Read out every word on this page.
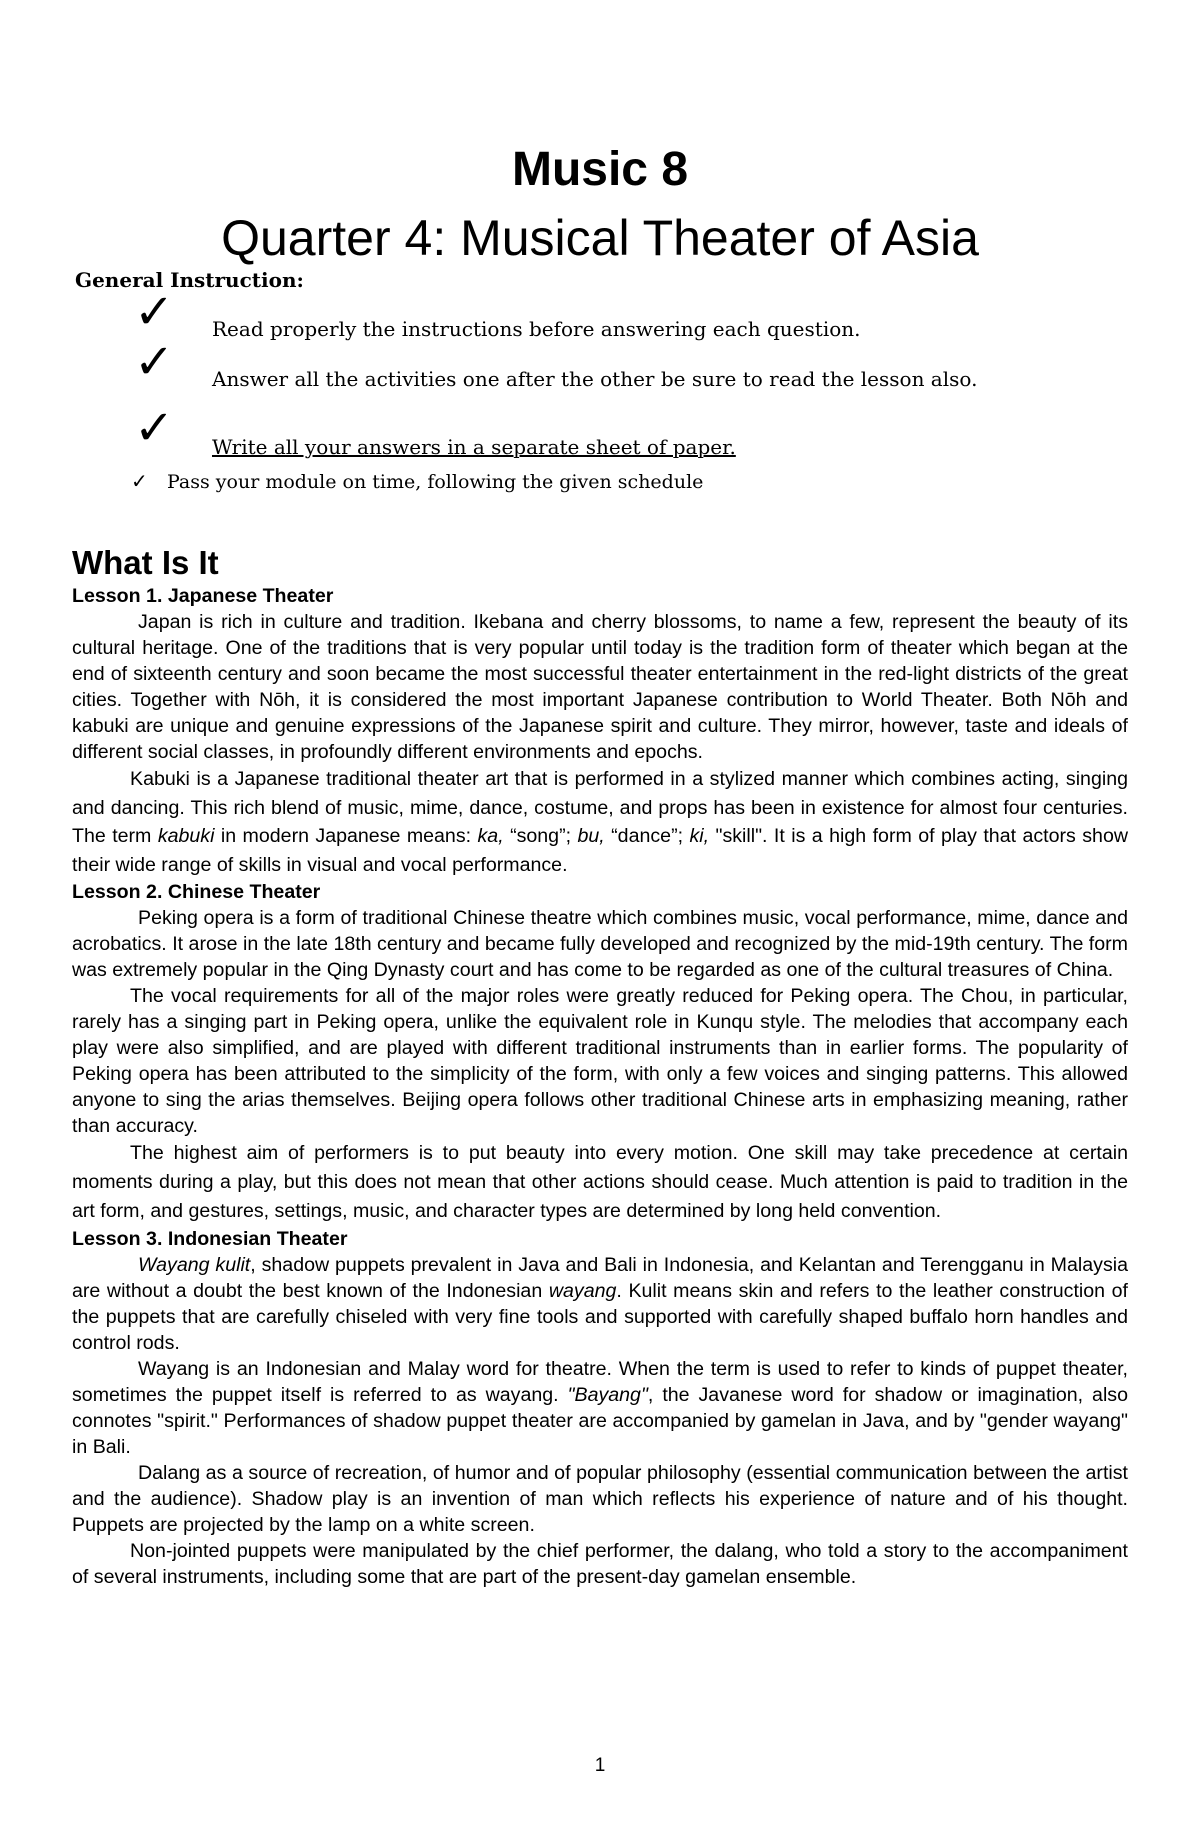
Music 8
Quarter 4: Musical Theater of Asia
General Instruction:
✓ Read properly the instructions before answering each question.
✓ Answer all the activities one after the other be sure to read the lesson also.
✓ Write all your answers in a separate sheet of paper.
✓ Pass your module on time, following the given schedule
What Is It

Lesson 1. Japanese Theater

Japan is rich in culture and tradition. Ikebana and cherry blossoms, to name a few, represent the beauty of its cultural heritage. One of the traditions that is very popular until today is the tradition form of theater which began at the end of sixteenth century and soon became the most successful theater entertainment in the red-light districts of the great cities. Together with Nōh, it is considered the most important Japanese contribution to World Theater. Both Nōh and kabuki are unique and genuine expressions of the Japanese spirit and culture. They mirror, however, taste and ideals of different social classes, in profoundly different environments and epochs.

Kabuki is a Japanese traditional theater art that is performed in a stylized manner which combines acting, singing and dancing. This rich blend of music, mime, dance, costume, and props has been in existence for almost four centuries. The term kabuki in modern Japanese means: ka, “song”; bu, “dance”; ki, "skill". It is a high form of play that actors show their wide range of skills in visual and vocal performance.

Lesson 2. Chinese Theater

Peking opera is a form of traditional Chinese theatre which combines music, vocal performance, mime, dance and acrobatics. It arose in the late 18th century and became fully developed and recognized by the mid-19th century. The form was extremely popular in the Qing Dynasty court and has come to be regarded as one of the cultural treasures of China.

The vocal requirements for all of the major roles were greatly reduced for Peking opera. The Chou, in particular, rarely has a singing part in Peking opera, unlike the equivalent role in Kunqu style. The melodies that accompany each play were also simplified, and are played with different traditional instruments than in earlier forms. The popularity of Peking opera has been attributed to the simplicity of the form, with only a few voices and singing patterns. This allowed anyone to sing the arias themselves. Beijing opera follows other traditional Chinese arts in emphasizing meaning, rather than accuracy.

The highest aim of performers is to put beauty into every motion. One skill may take precedence at certain moments during a play, but this does not mean that other actions should cease. Much attention is paid to tradition in the art form, and gestures, settings, music, and character types are determined by long held convention.

Lesson 3. Indonesian Theater

Wayang kulit, shadow puppets prevalent in Java and Bali in Indonesia, and Kelantan and Terengganu in Malaysia are without a doubt the best known of the Indonesian wayang. Kulit means skin and refers to the leather construction of the puppets that are carefully chiseled with very fine tools and supported with carefully shaped buffalo horn handles and control rods.

Wayang is an Indonesian and Malay word for theatre. When the term is used to refer to kinds of puppet theater, sometimes the puppet itself is referred to as wayang. "Bayang", the Javanese word for shadow or imagination, also connotes "spirit." Performances of shadow puppet theater are accompanied by gamelan in Java, and by "gender wayang" in Bali.

Dalang as a source of recreation, of humor and of popular philosophy (essential communication between the artist and the audience). Shadow play is an invention of man which reflects his experience of nature and of his thought. Puppets are projected by the lamp on a white screen.

Non-jointed puppets were manipulated by the chief performer, the dalang, who told a story to the accompaniment of several instruments, including some that are part of the present-day gamelan ensemble.

1
